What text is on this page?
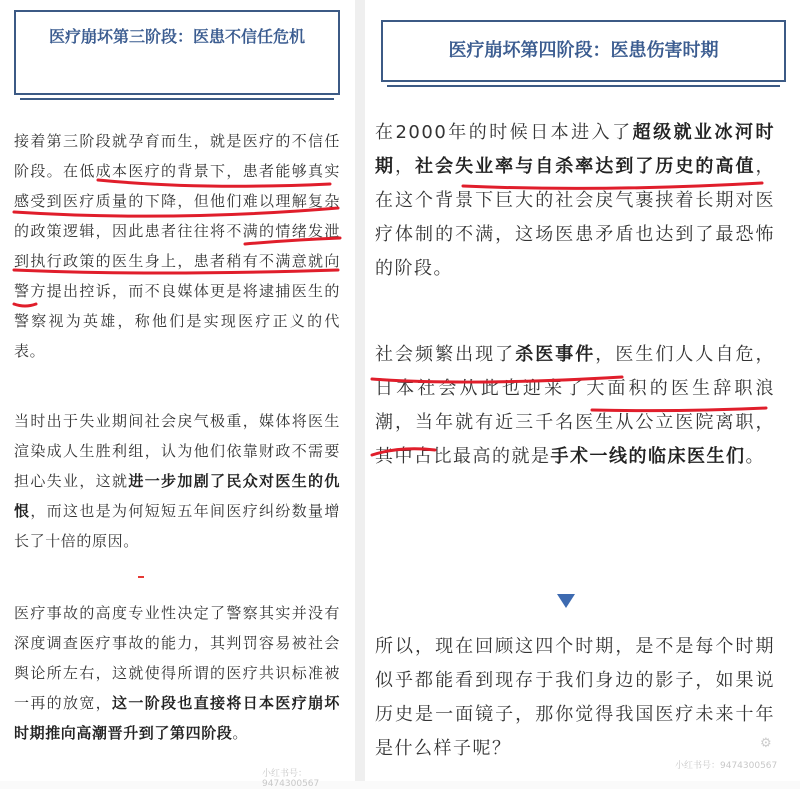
医疗崩坏第三阶段：医患不信任危机

接着第三阶段就孕育而生，就是医疗的不信任阶段。在低成本医疗的背景下，患者能够真实感受到医疗质量的下降，但他们难以理解复杂的政策逻辑，因此患者往往将不满的情绪发泄到执行政策的医生身上，患者稍有不满意就向警方提出控诉，而不良媒体更是将逮捕医生的警察视为英雄，称他们是实现医疗正义的代表。

当时出于失业期间社会戾气极重，媒体将医生渲染成人生胜利组，认为他们依靠财政不需要担心失业，这就进一步加剧了民众对医生的仇恨，而这也是为何短短五年间医疗纠纷数量增长了十倍的原因。

医疗事故的高度专业性决定了警察其实并没有深度调查医疗事故的能力，其判罚容易被社会舆论所左右，这就使得所谓的医疗共识标准被一再的放宽，这一阶段也直接将日本医疗崩坏时期推向高潮晋升到了第四阶段。

小红书号：9474300567
医疗崩坏第四阶段：医患伤害时期

在2000年的时候日本进入了超级就业冰河时期，社会失业率与自杀率达到了历史的高值，在这个背景下巨大的社会戾气裹挟着长期对医疗体制的不满，这场医患矛盾也达到了最恐怖的阶段。

社会频繁出现了杀医事件，医生们人人自危，日本社会从此也迎来了大面积的医生辞职浪潮，当年就有近三千名医生从公立医院离职，其中占比最高的就是手术一线的临床医生们。

所以，现在回顾这四个时期，是不是每个时期似乎都能看到现存于我们身边的影子，如果说历史是一面镜子，那你觉得我国医疗未来十年是什么样子呢？

小红书号：9474300567
⚙
